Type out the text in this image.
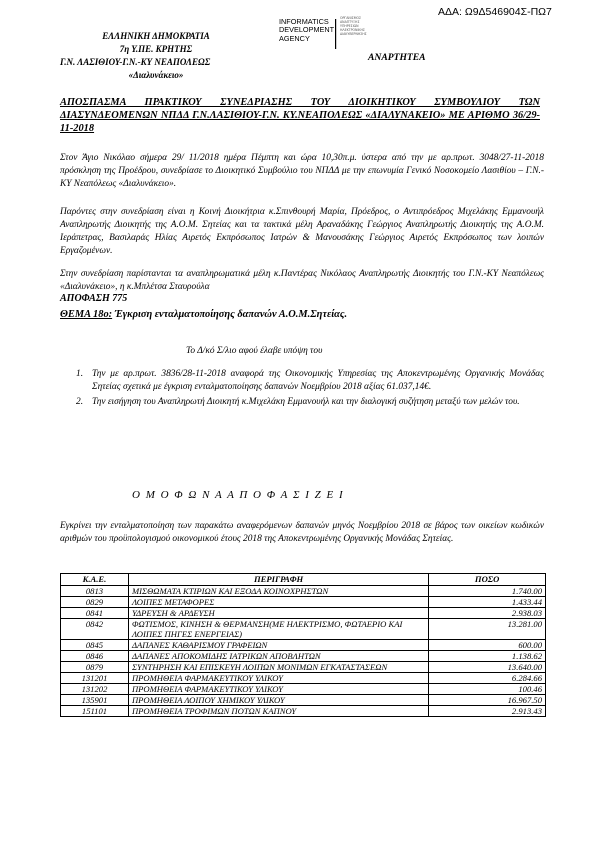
ΑΔΑ: Ω9Δ546904Σ-ΠΩ7
ΕΛΛΗΝΙΚΗ ΔΗΜΟΚΡΑΤΙΑ
7η Υ.ΠΕ. ΚΡΗΤΗΣ
Γ.Ν. ΛΑΣΙΘΙΟΥ-Γ.Ν.-ΚΥ ΝΕΑΠΟΛΕΩΣ
«Διαλυνάκειο»
INFORMATICS
DEVELOPMENT
AGENCY
ΟΡΓΑΝΙΣΜΟΣ
ΑΝΑΠΤΥΞΗΣ
ΥΠΗΡΕΣΙΩΝ
ΗΛΕΚΤΡΟΝΙΚΗΣ
ΔΙΑΚΥΒΕΡΝΗΣΗΣ
ΑΝΑΡΤΗΤΕΑ
ΑΠΟΣΠΑΣΜΑ ΠΡΑΚΤΙΚΟΥ ΣΥΝΕΔΡΙΑΣΗΣ ΤΟΥ ΔΙΟΙΚΗΤΙΚΟΥ ΣΥΜΒΟΥΛΙΟΥ ΤΩΝ ΔΙΑΣΥΝΔΕΟΜΕΝΩΝ ΝΠΔΔ Γ.Ν.ΛΑΣΙΘΙΟΥ-Γ.Ν. ΚΥ.ΝΕΑΠΟΛΕΩΣ «ΔΙΑΛΥΝΑΚΕΙΟ» ΜΕ ΑΡΙΘΜΟ 36/29-11-2018
Στον Άγιο Νικόλαο σήμερα 29/ 11/2018 ημέρα Πέμπτη και ώρα 10,30π.μ. ύστερα από την με αρ.πρωτ. 3048/27-11-2018 πρόσκληση της Προέδρου, συνεδρίασε το Διοικητικό Συμβούλιο του ΝΠΔΔ με την επωνυμία Γενικό Νοσοκομείο Λασιθίου – Γ.Ν.-ΚΥ Νεαπόλεως «Διαλυνάκειο».
Παρόντες στην συνεδρίαση είναι η Κοινή Διοικήτρια κ.Σπινθουρή Μαρία, Πρόεδρος, ο Αντιπρόεδρος Μιχελάκης Εμμανουήλ Αναπληρωτής Διοικητής της Α.Ο.Μ. Σητείας και τα τακτικά μέλη Αραναδάκης Γεώργιος Αναπληρωτής Διοικητής της Α.Ο.Μ. Ιεράπετρας, Βασιλαράς Ηλίας Αιρετός Εκπρόσωπος Ιατρών & Μανουσάκης Γεώργιος Αιρετός Εκπρόσωπος των λοιπών Εργαζομένων.
Στην συνεδρίαση παρίστανται τα αναπληρωματικά μέλη κ.Παντέρας Νικόλαος Αναπληρωτής Διοικητής του Γ.Ν.-ΚΥ Νεαπόλεως «Διαλυνάκειο», η κ.Μπλέτσα Σταυρούλα
ΑΠΟΦΑΣΗ 775
ΘΕΜΑ 18ο: Έγκριση ενταλματοποίησης δαπανών Α.Ο.Μ.Σητείας.
Το Δ/κό Σ/λιο αφού έλαβε υπόψη του
1. Την με αρ.πρωτ. 3836/28-11-2018 αναφορά της Οικονομικής Υπηρεσίας της Αποκεντρωμένης Οργανικής Μονάδας Σητείας σχετικά με έγκριση ενταλματοποίησης δαπανών Νοεμβρίου 2018 αξίας 61.037,14€.
2. Την εισήγηση του Αναπληρωτή Διοικητή κ.Μιχελάκη Εμμανουήλ και την διαλογική συζήτηση μεταξύ των μελών του.
Ο Μ Ο Φ Ω Ν Α Α Π Ο Φ Α Σ Ι Ζ Ε Ι
Εγκρίνει την ενταλματοποίηση των παρακάτω αναφερόμενων δαπανών μηνός Νοεμβρίου 2018 σε βάρος των οικείων κωδικών αριθμών του προϋπολογισμού οικονομικού έτους 2018 της Αποκεντρωμένης Οργανικής Μονάδας Σητείας.
Κ.Α.Ε.	ΠΕΡΙΓΡΑΦΗ	ΠΟΣΟ
0813	ΜΙΣΘΩΜΑΤΑ ΚΤΙΡΙΩΝ ΚΑΙ ΕΞΟΔΑ ΚΟΙΝΟΧΡΗΣΤΩΝ	1.740.00
0829	ΛΟΙΠΕΣ ΜΕΤΑΦΟΡΕΣ	1.433.44
0841	ΥΔΡΕΥΣΗ & ΑΡΔΕΥΣΗ	2.938.03
0842	ΦΩΤΙΣΜΟΣ, ΚΙΝΗΣΗ & ΘΕΡΜΑΝΣΗ(ΜΕ ΗΛΕΚΤΡΙΣΜΟ, ΦΩΤΑΕΡΙΟ ΚΑΙ ΛΟΙΠΕΣ ΠΗΓΕΣ ΕΝΕΡΓΕΙΑΣ)	13.281.00
0845	ΔΑΠΑΝΕΣ ΚΑΘΑΡΙΣΜΟΥ ΓΡΑΦΕΙΩΝ	600.00
0846	ΔΑΠΑΝΕΣ ΑΠΟΚΟΜΙΔΗΣ ΙΑΤΡΙΚΩΝ ΑΠΟΒΛΗΤΩΝ	1.138.62
0879	ΣΥΝΤΗΡΗΣΗ ΚΑΙ ΕΠΙΣΚΕΥΗ ΛΟΙΠΩΝ ΜΟΝΙΜΩΝ ΕΓΚΑΤΑΣΤΑΣΕΩΝ	13.640.00
131201	ΠΡΟΜΗΘΕΙΑ ΦΑΡΜΑΚΕΥΤΙΚΟΥ ΥΛΙΚΟΥ	6.284.66
131202	ΠΡΟΜΗΘΕΙΑ ΦΑΡΜΑΚΕΥΤΙΚΟΥ ΥΛΙΚΟΥ	100.46
135901	ΠΡΟΜΗΘΕΙΑ ΛΟΙΠΟΥ ΧΗΜΙΚΟΥ ΥΛΙΚΟΥ	16.967.50
151101	ΠΡΟΜΗΘΕΙΑ ΤΡΟΦΙΜΩΝ ΠΟΤΩΝ ΚΑΠΝΟΥ	2.913.43
